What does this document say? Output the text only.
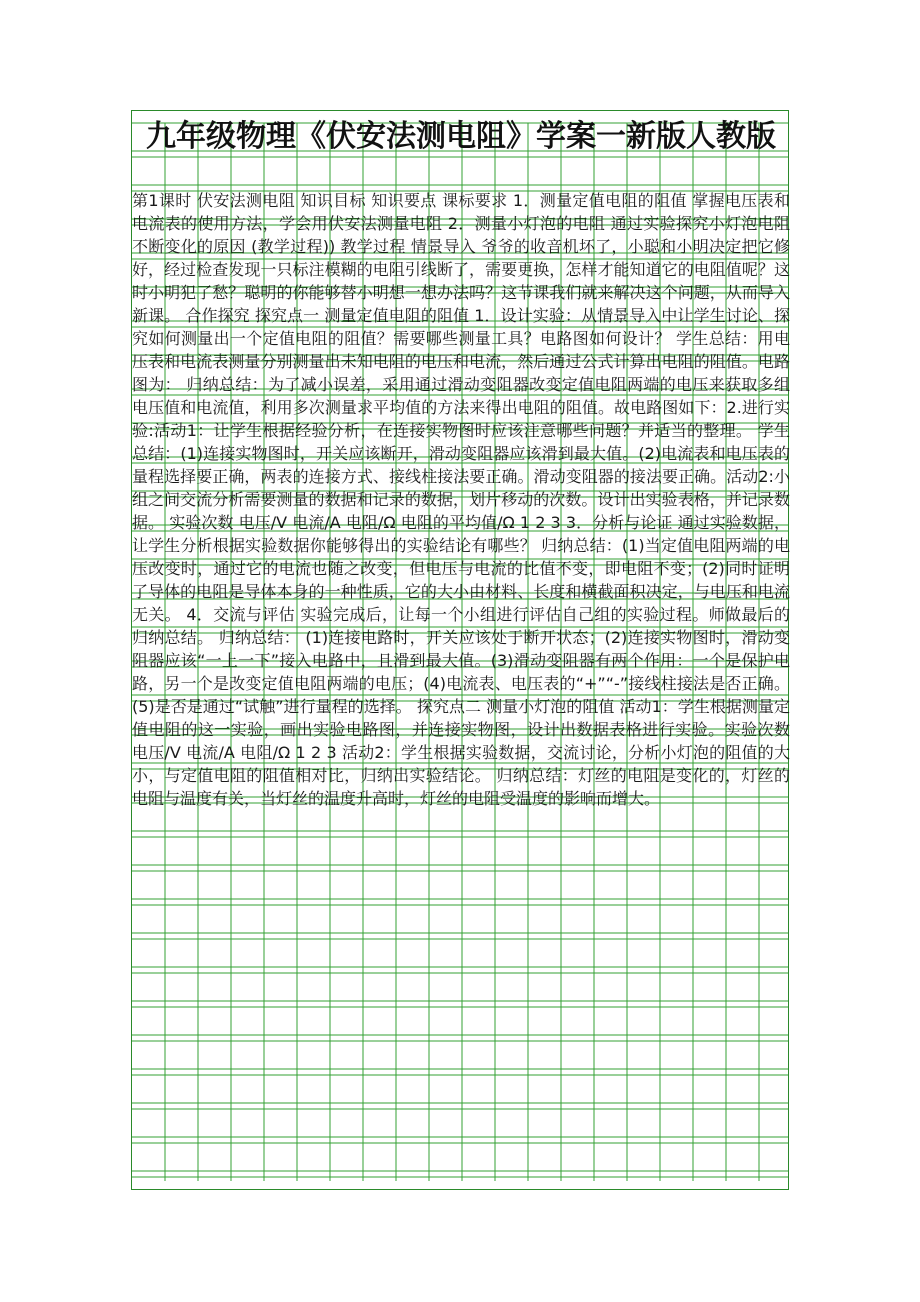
九年级物理《伏安法测电阻》学案一新版人教版
第1课时 伏安法测电阻 知识目标 知识要点 课标要求 1．测量定值电阻的阻值 掌握电压表和电流表的使用方法，学会用伏安法测量电阻 2．测量小灯泡的电阻 通过实验探究小灯泡电阻不断变化的原因 (教学过程)) 教学过程 情景导入 爷爷的收音机坏了，小聪和小明决定把它修好，经过检查发现一只标注模糊的电阻引线断了，需要更换，怎样才能知道它的电阻值呢？这时小明犯了愁？聪明的你能够替小明想一想办法吗？这节课我们就来解决这个问题，从而导入新课。 合作探究 探究点一 测量定值电阻的阻值 1．设计实验：从情景导入中让学生讨论、探究如何测量出一个定值电阻的阻值？需要哪些测量工具？电路图如何设计？ 学生总结：用电压表和电流表测量分别测量出未知电阻的电压和电流，然后通过公式计算出电阻的阻值。电路图为： 归纳总结：为了减小误差，采用通过滑动变阻器改变定值电阻两端的电压来获取多组电压值和电流值，利用多次测量求平均值的方法来得出电阻的阻值。故电路图如下：2.进行实验:活动1：让学生根据经验分析，在连接实物图时应该注意哪些问题？并适当的整理。 学生总结：(1)连接实物图时，开关应该断开，滑动变阻器应该滑到最大值。(2)电流表和电压表的量程选择要正确，两表的连接方式、接线柱接法要正确。滑动变阻器的接法要正确。活动2:小组之间交流分析需要测量的数据和记录的数据，划片移动的次数。设计出实验表格，并记录数据。 实验次数 电压/V 电流/A 电阻/Ω 电阻的平均值/Ω 1 2 3 3．分析与论证 通过实验数据，让学生分析根据实验数据你能够得出的实验结论有哪些？ 归纳总结：(1)当定值电阻两端的电压改变时，通过它的电流也随之改变，但电压与电流的比值不变，即电阻不变；(2)同时证明了导体的电阻是导体本身的一种性质，它的大小由材料、长度和横截面积决定，与电压和电流无关。 4．交流与评估 实验完成后，让每一个小组进行评估自己组的实验过程。师做最后的归纳总结。 归纳总结： (1)连接电路时，开关应该处于断开状态；(2)连接实物图时，滑动变阻器应该“一上一下”接入电路中，且滑到最大值。(3)滑动变阻器有两个作用：一个是保护电路，另一个是改变定值电阻两端的电压；(4)电流表、电压表的“+”“-”接线柱接法是否正确。(5)是否是通过“试触”进行量程的选择。 探究点二 测量小灯泡的阻值 活动1：学生根据测量定值电阻的这一实验，画出实验电路图，并连接实物图，设计出数据表格进行实验。实验次数 电压/V 电流/A 电阻/Ω 1 2 3 活动2：学生根据实验数据，交流讨论，分析小灯泡的阻值的大小，与定值电阻的阻值相对比，归纳出实验结论。 归纳总结：灯丝的电阻是变化的，灯丝的电阻与温度有关，当灯丝的温度升高时，灯丝的电阻受温度的影响而增大。
